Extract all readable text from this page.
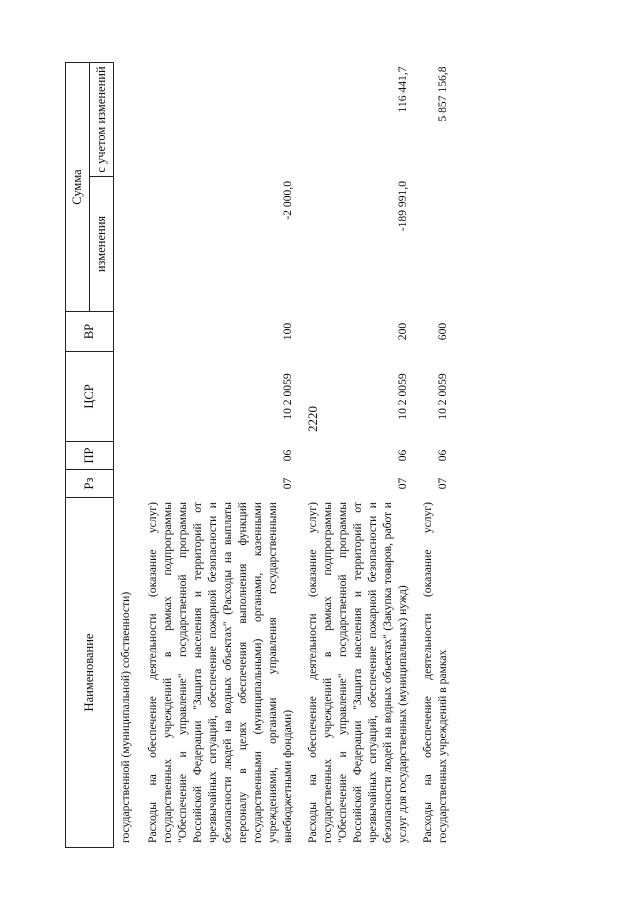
2220
Наименование	Рз	ПР	ЦСР	ВР	Сумма	
					изменения	с учетом изменений
государственной (муниципальной) собственности)						
Расходы на обеспечение деятельности (оказание услуг) государственных учреждений в рамках подпрограммы "Обеспечение и управление" государственной программы Российской Федерации "Защита населения и территорий от чрезвычайных ситуаций, обеспечение пожарной безопасности и безопасности людей на водных объектах" (Расходы на выплаты персоналу в целях обеспечения выполнения функций государственными (муниципальными) органами, казенными учреждениями, органами управления государственными внебюджетными фондами)	07	06	10 2 0059	100	-2 000,0	
Расходы на обеспечение деятельности (оказание услуг) государственных учреждений в рамках подпрограммы "Обеспечение и управление" государственной программы Российской Федерации "Защита населения и территорий от чрезвычайных ситуаций, обеспечение пожарной безопасности и безопасности людей на водных объектах" (Закупка товаров, работ и услуг для государственных (муниципальных) нужд)	07	06	10 2 0059	200	-189 991,0	116 441,7
Расходы на обеспечение деятельности (оказание услуг) государственных учреждений в рамках	07	06	10 2 0059	600		5 857 156,8
